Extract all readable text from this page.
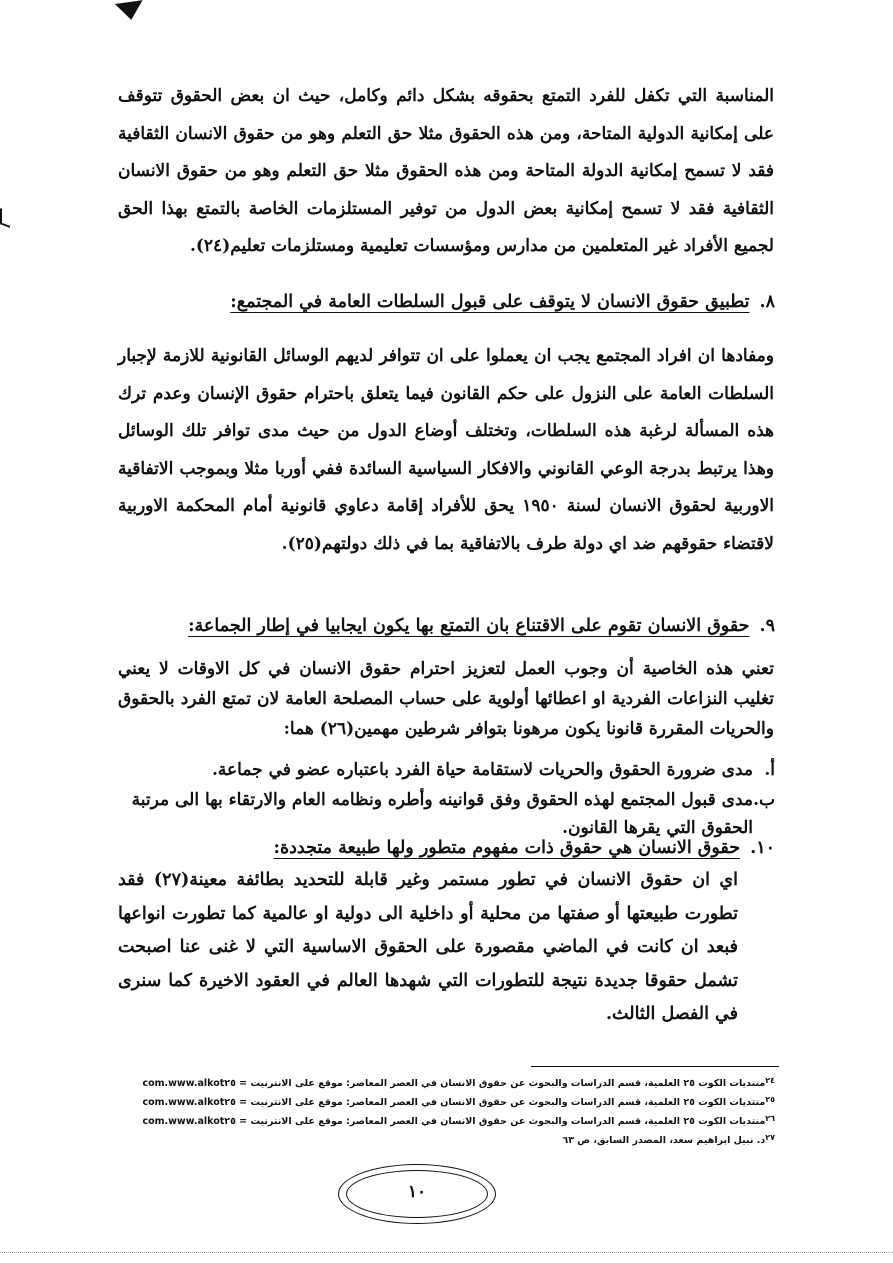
المناسبة التي تكفل للفرد التمتع بحقوقه بشكل دائم وكامل، حيث ان بعض الحقوق تتوقف على إمكانية الدولية المتاحة، ومن هذه الحقوق مثلا حق التعلم وهو من حقوق الانسان الثقافية فقد لا تسمح إمكانية الدولة المتاحة ومن هذه الحقوق مثلا حق التعلم وهو من حقوق الانسان الثقافية فقد لا تسمح إمكانية بعض الدول من توفير المستلزمات الخاصة بالتمتع بهذا الحق لجميع الأفراد غير المتعلمين من مدارس ومؤسسات تعليمية ومستلزمات تعليم(٢٤).

٨.تطبيق حقوق الانسان لا يتوقف على قبول السلطات العامة في المجتمع:

ومفادها ان افراد المجتمع يجب ان يعملوا على ان تتوافر لديهم الوسائل القانونية للازمة لإجبار السلطات العامة على النزول على حكم القانون فيما يتعلق باحترام حقوق الإنسان وعدم ترك هذه المسألة لرغبة هذه السلطات، وتختلف أوضاع الدول من حيث مدى توافر تلك الوسائل وهذا يرتبط بدرجة الوعي القانوني والافكار السياسية السائدة ففي أوربا مثلا وبموجب الاتفاقية الاوربية لحقوق الانسان لسنة ١٩٥٠ يحق للأفراد إقامة دعاوي قانونية أمام المحكمة الاوربية لاقتضاء حقوقهم ضد اي دولة طرف بالاتفاقية بما في ذلك دولتهم(٢٥).

٩.حقوق الانسان تقوم على الاقتناع بان التمتع بها يكون ايجابيا في إطار الجماعة:

تعني هذه الخاصية أن وجوب العمل لتعزيز احترام حقوق الانسان في كل الاوقات لا يعني تغليب النزاعات الفردية او اعطائها أولوية على حساب المصلحة العامة لان تمتع الفرد بالحقوق والحريات المقررة قانونا يكون مرهونا بتوافر شرطين مهمين(٢٦) هما:

أ.
مدى ضرورة الحقوق والحريات لاستقامة حياة الفرد باعتباره عضو في جماعة.
ب.
مدى قبول المجتمع لهذه الحقوق وفق قوانينه وأطره ونظامه العام والارتقاء بها الى مرتبة الحقوق التي يقرها القانون.
١٠.حقوق الانسان هي حقوق ذات مفهوم متطور ولها طبيعة متجددة:

اي ان حقوق الانسان في تطور مستمر وغير قابلة للتحديد بطائفة معينة(٢٧) فقد تطورت طبيعتها أو صفتها من محلية أو داخلية الى دولية او عالمية كما تطورت انواعها فبعد ان كانت في الماضي مقصورة على الحقوق الاساسية التي لا غنى عنا اصبحت تشمل حقوقا جديدة نتيجة للتطورات التي شهدها العالم في العقود الاخيرة كما سنرى في الفصل الثالث.

$^{٢٤}$منتديات الكوت ٢٥ العلمية، قسم الدراسات والبحوث عن حقوق الانسان في العصر المعاصر: موقع على الانترنيت = www.alkot٢٥.com
$^{٢٥}$منتديات الكوت ٢٥ العلمية، قسم الدراسات والبحوث عن حقوق الانسان في العصر المعاصر: موقع على الانترنيت = www.alkot٢٥.com
$^{٢٦}$منتديات الكوت ٢٥ العلمية، قسم الدراسات والبحوث عن حقوق الانسان في العصر المعاصر: موقع على الانترنيت = www.alkot٢٥.com
$^{٢٧}$د. نبيل ابراهيم سعد، المصدر السابق، ص ٦٣
١٠
